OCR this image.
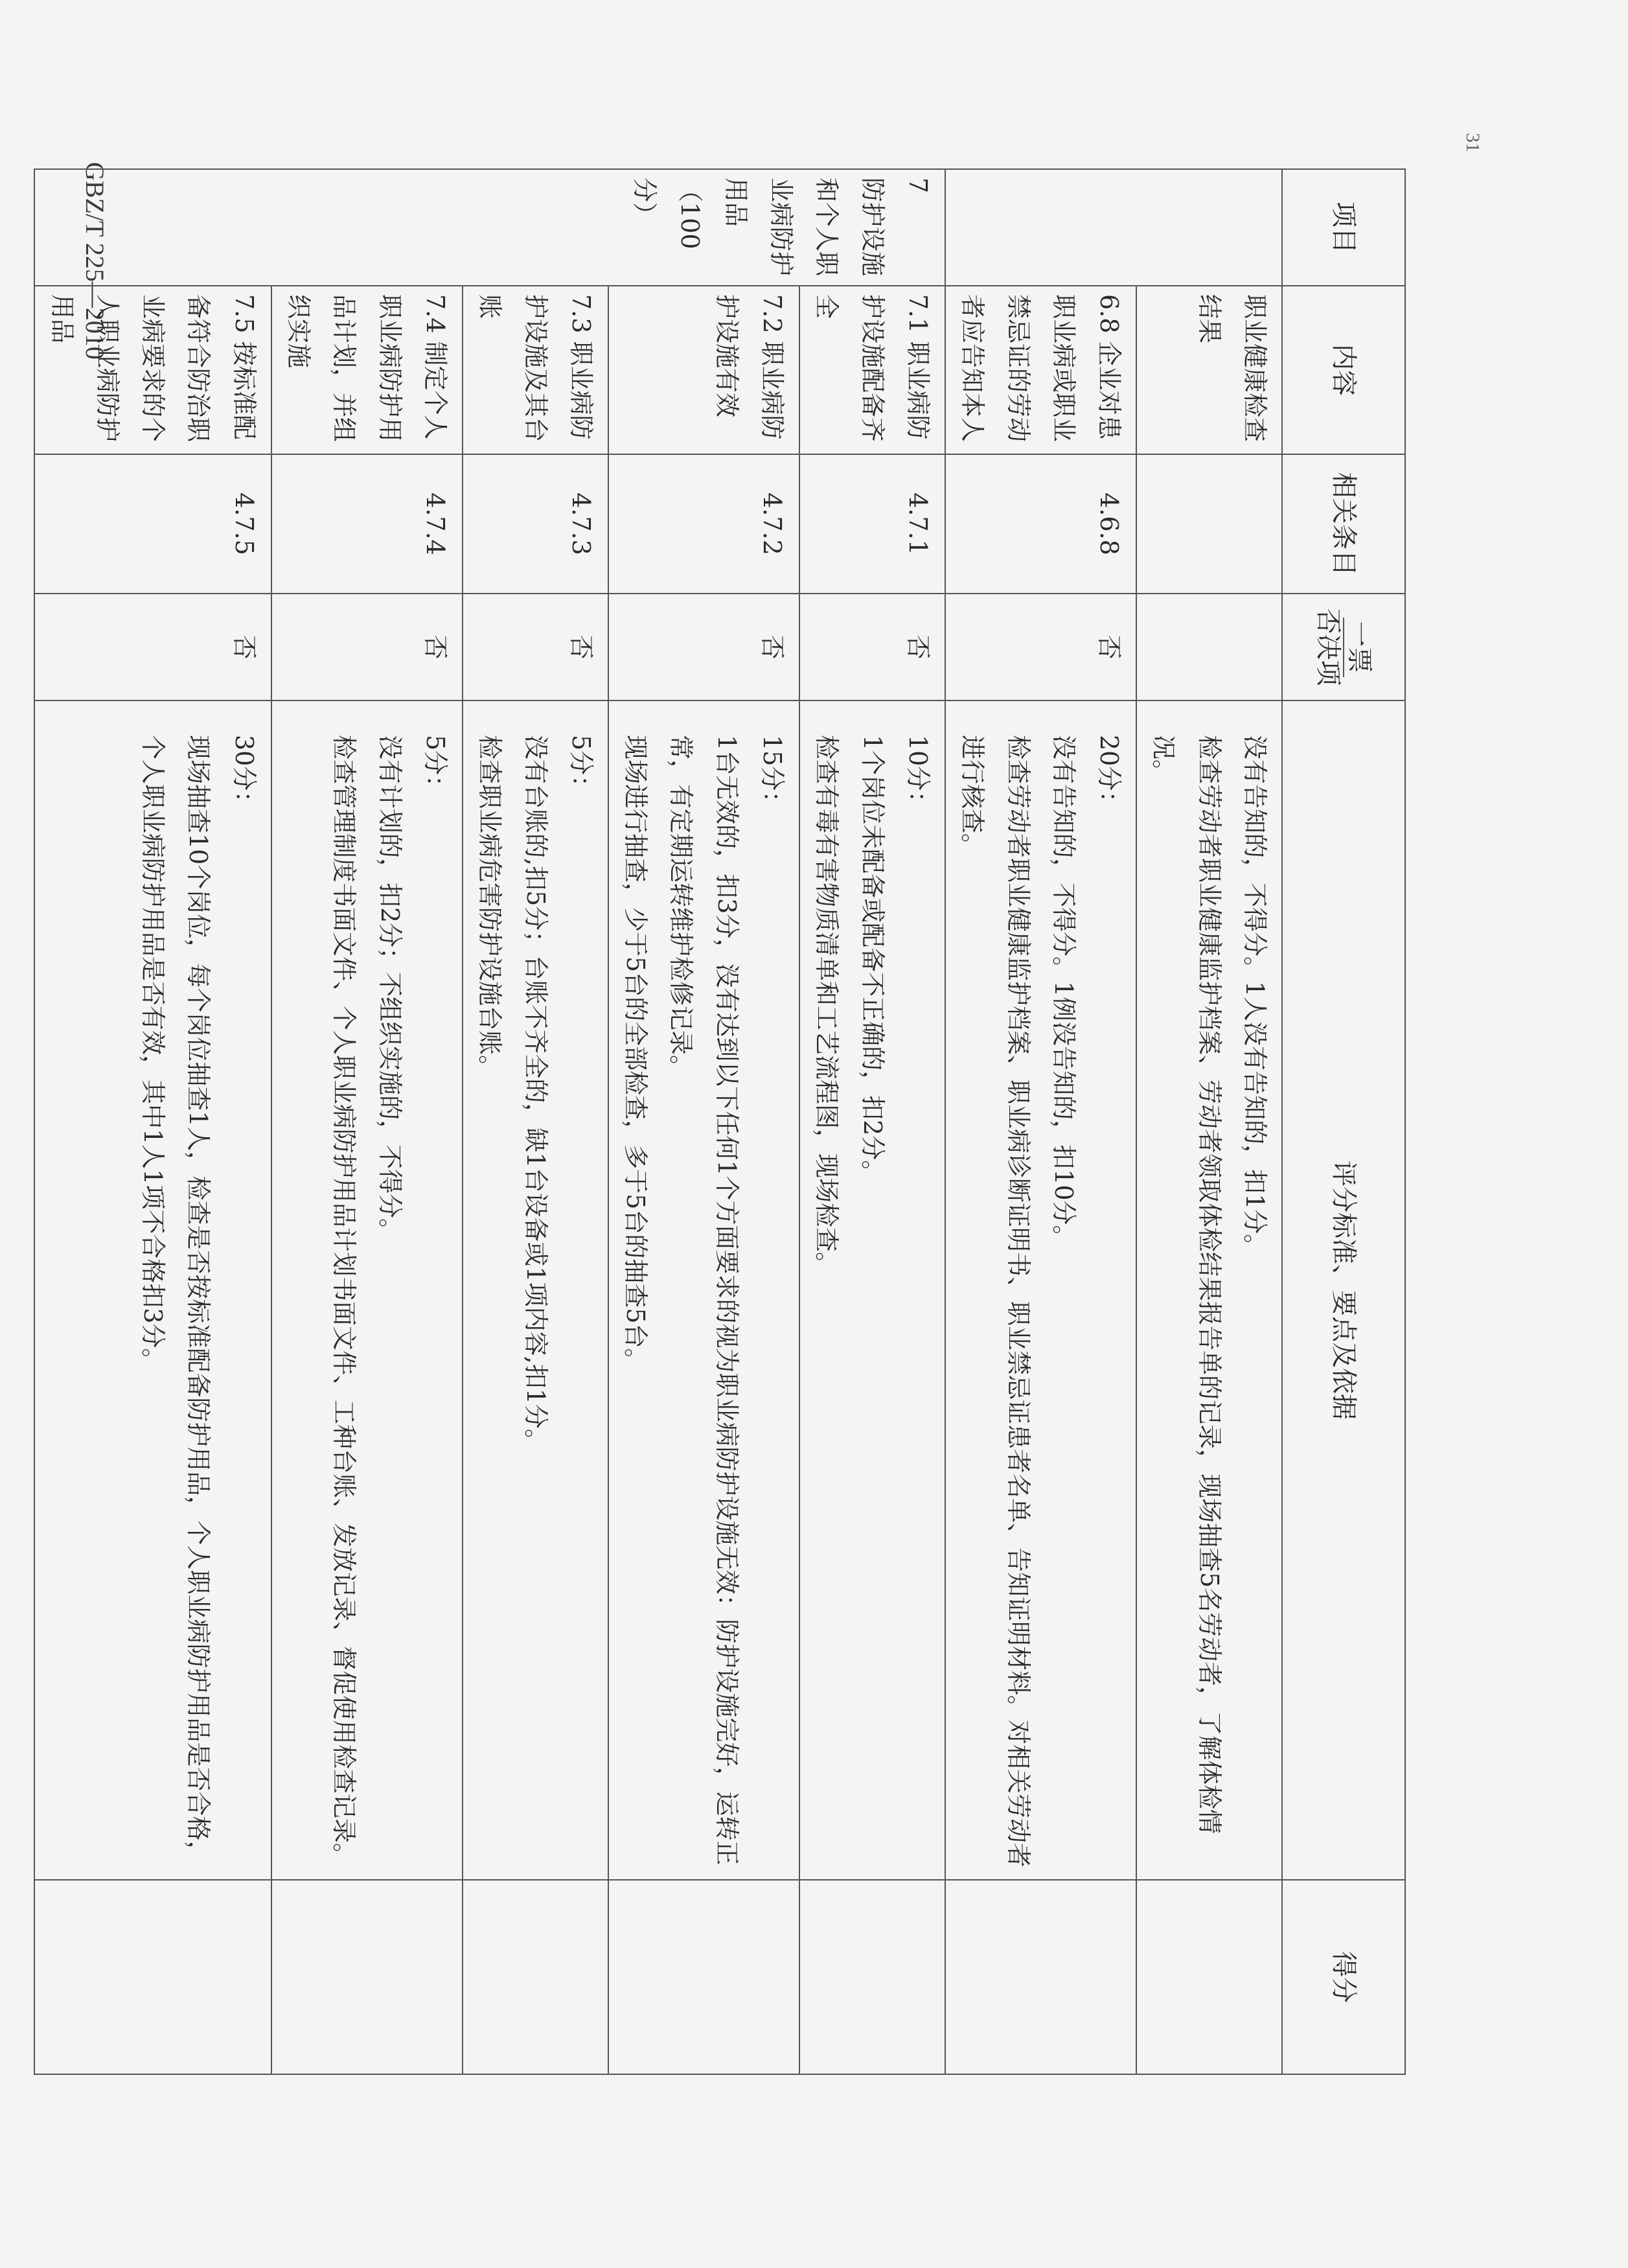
GBZ/T 225—2010
31
项目	内容	相关条目	一票
否决项	评分标准、要点及依据	得分
	职业健康检查结果			没有告知的，不得分。1人没有告知的，扣1分。
检查劳动者职业健康监护档案、劳动者领取体检结果报告单的记录，现场抽查5名劳动者，了解体检情况。	

	6.8 企业对患职业病或职业禁忌证的劳动者应告知本人	4.6.8	否	20分：
没有告知的，不得分。1例没告知的，扣10分。
检查劳动者职业健康监护档案、职业病诊断证明书、职业禁忌证患者名单、告知证明材料。对相关劳动者进行核查。	

7
防护设施和个人职业病防护用品
（100分）	7.1 职业病防护设施配备齐全	4.7.1	否	10分：
1个岗位未配备或配备不正确的，扣2分。
检查有毒有害物质清单和工艺流程图，现场检查。	

	7.2 职业病防护设施有效	4.7.2	否	15分：
1台无效的，扣3分，没有达到以下任何1个方面要求的视为职业病防护设施无效：防护设施完好，运转正常，有定期运转维护检修记录。
现场进行抽查，少于5台的全部检查，多于5台的抽查5台。	

	7.3 职业病防护设施及其台账	4.7.3	否	5分：
没有台账的,扣5分；台账不齐全的，缺1台设备或1项内容,扣1分。
检查职业病危害防护设施台账。	

	7.4 制定个人职业病防护用品计划，并组织实施	4.7.4	否	5分：
没有计划的，扣2分；不组织实施的，不得分。
检查管理制度书面文件、个人职业病防护用品计划书面文件、工种台账、发放记录、督促使用检查记录。	

	7.5 按标准配备符合防治职业病要求的个人职业病防护用品	4.7.5	否	30分：
现场抽查10个岗位，每个岗位抽查1人，检查是否按标准配备防护用品，个人职业病防护用品是否合格，个人职业病防护用品是否有效，其中1人1项不合格扣3分。	
